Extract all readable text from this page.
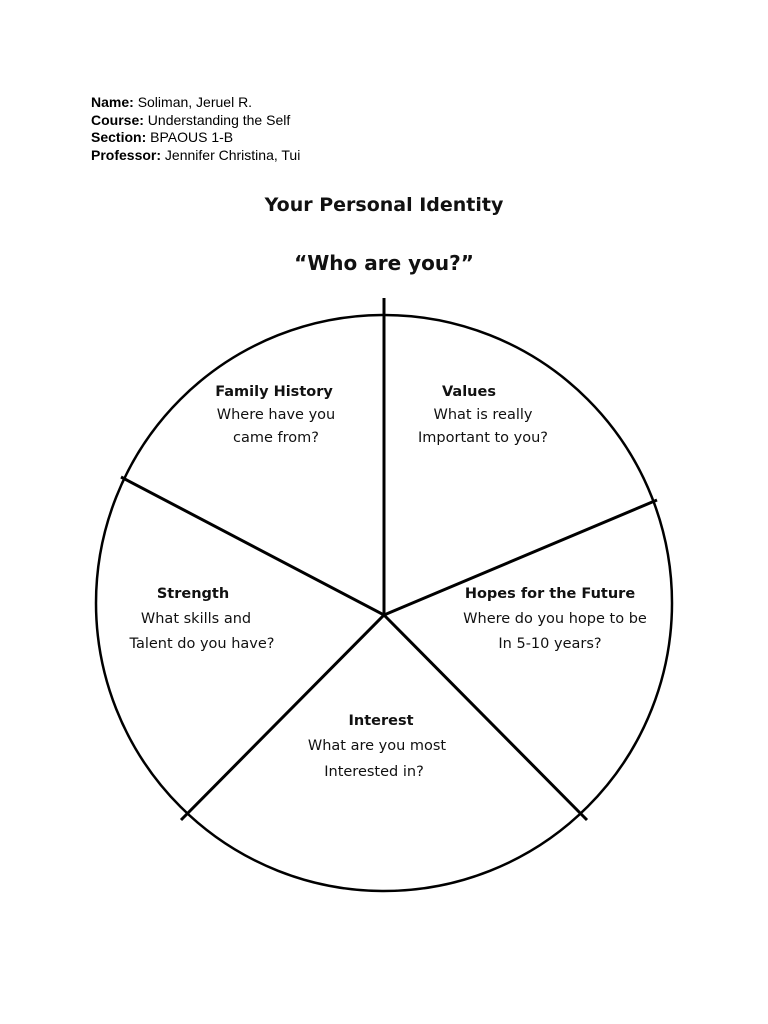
Name: Soliman, Jeruel R.
Course: Understanding the Self
Section: BPAOUS 1-B
Professor: Jennifer Christina, Tui
Your Personal Identity
“Who are you?”
Family History
Where have you
came from?
Values
What is really
Important to you?
Strength
What skills and
Talent do you have?
Hopes for the Future
Where do you hope to be
In 5-10 years?
Interest
What are you most
Interested in?
